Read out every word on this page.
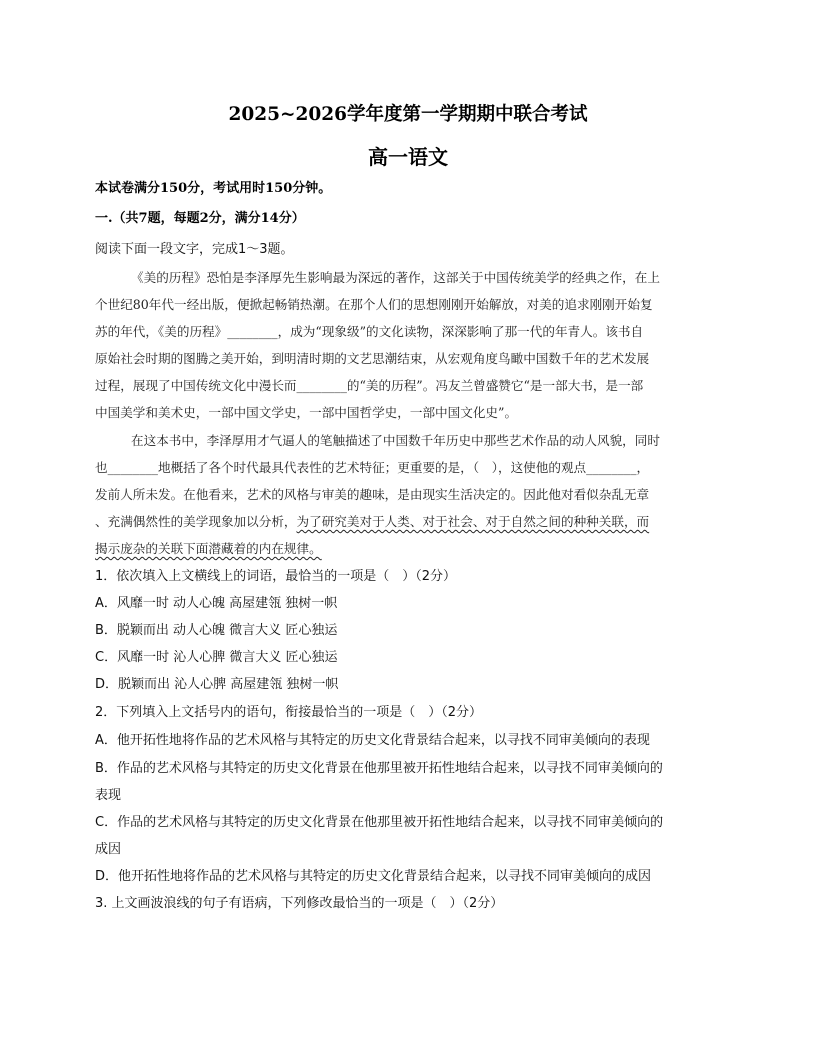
2025~2026学年度第一学期期中联合考试
高一语文
本试卷满分150分，考试用时150分钟。
一.（共7题，每题2分，满分14分）
阅读下面一段文字，完成1～3题。
《美的历程》恐怕是李泽厚先生影响最为深远的著作，这部关于中国传统美学的经典之作，在上
个世纪80年代一经出版，便掀起畅销热潮。在那个人们的思想刚刚开始解放，对美的追求刚刚开始复
苏的年代，《美的历程》________，成为“现象级”的文化读物，深深影响了那一代的年青人。该书自
原始社会时期的图腾之美开始，到明清时期的文艺思潮结束，从宏观角度鸟瞰中国数千年的艺术发展
过程，展现了中国传统文化中漫长而________的“美的历程”。冯友兰曾盛赞它“是一部大书，是一部
中国美学和美术史，一部中国文学史，一部中国哲学史，一部中国文化史”。
在这本书中，李泽厚用才气逼人的笔触描述了中国数千年历史中那些艺术作品的动人风貌，同时
也________地概括了各个时代最具代表性的艺术特征；更重要的是，（　），这使他的观点________，
发前人所未发。在他看来，艺术的风格与审美的趣味，是由现实生活决定的。因此他对看似杂乱无章
、充满偶然性的美学现象加以分析，为了研究美对于人类、对于社会、对于自然之间的种种关联，而
揭示庞杂的关联下面潜藏着的内在规律。
1．依次填入上文横线上的词语，最恰当的一项是（　）（2分）
A．风靡一时 动人心魄 高屋建瓴 独树一帜
B．脱颖而出 动人心魄 微言大义 匠心独运
C．风靡一时 沁人心脾 微言大义 匠心独运
D．脱颖而出 沁人心脾 高屋建瓴 独树一帜
2．下列填入上文括号内的语句，衔接最恰当的一项是（　）（2分）
A．他开拓性地将作品的艺术风格与其特定的历史文化背景结合起来，以寻找不同审美倾向的表现
B．作品的艺术风格与其特定的历史文化背景在他那里被开拓性地结合起来，以寻找不同审美倾向的
表现
C．作品的艺术风格与其特定的历史文化背景在他那里被开拓性地结合起来，以寻找不同审美倾向的
成因
D．他开拓性地将作品的艺术风格与其特定的历史文化背景结合起来，以寻找不同审美倾向的成因
3. 上文画波浪线的句子有语病，下列修改最恰当的一项是（　）（2分）
